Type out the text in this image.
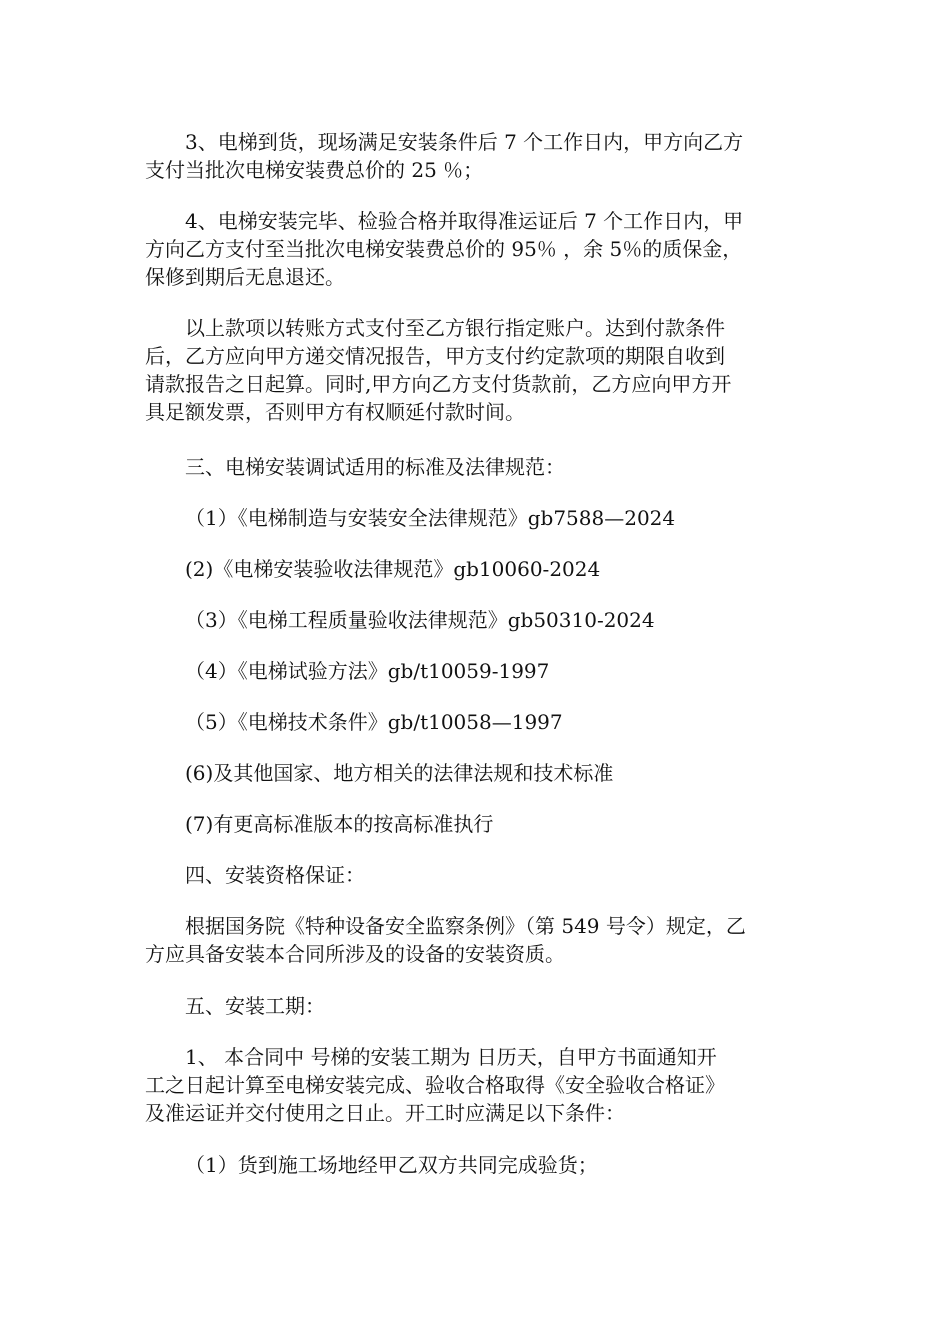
3、电梯到货，现场满足安装条件后 7 个工作日内，甲方向乙方
支付当批次电梯安装费总价的 25 ％；

4、电梯安装完毕、检验合格并取得准运证后 7 个工作日内，甲
方向乙方支付至当批次电梯安装费总价的 95％ ，余 5％的质保金，
保修到期后无息退还。

以上款项以转账方式支付至乙方银行指定账户。达到付款条件
后，乙方应向甲方递交情况报告，甲方支付约定款项的期限自收到
请款报告之日起算。同时,甲方向乙方支付货款前，乙方应向甲方开
具足额发票，否则甲方有权顺延付款时间。

三、电梯安装调试适用的标准及法律规范：

（1）《电梯制造与安装安全法律规范》gb7588—2024

(2)《电梯安装验收法律规范》gb10060-2024

（3）《电梯工程质量验收法律规范》gb50310-2024

（4）《电梯试验方法》gb/t10059-1997

（5）《电梯技术条件》gb/t10058—1997

(6)及其他国家、地方相关的法律法规和技术标准

(7)有更高标准版本的按高标准执行

四、安装资格保证：

根据国务院《特种设备安全监察条例》（第 549 号令）规定，乙
方应具备安装本合同所涉及的设备的安装资质。

五、安装工期：

1、 本合同中 号梯的安装工期为 日历天，自甲方书面通知开
工之日起计算至电梯安装完成、验收合格取得《安全验收合格证》
及准运证并交付使用之日止。开工时应满足以下条件：

（1）货到施工场地经甲乙双方共同完成验货；
